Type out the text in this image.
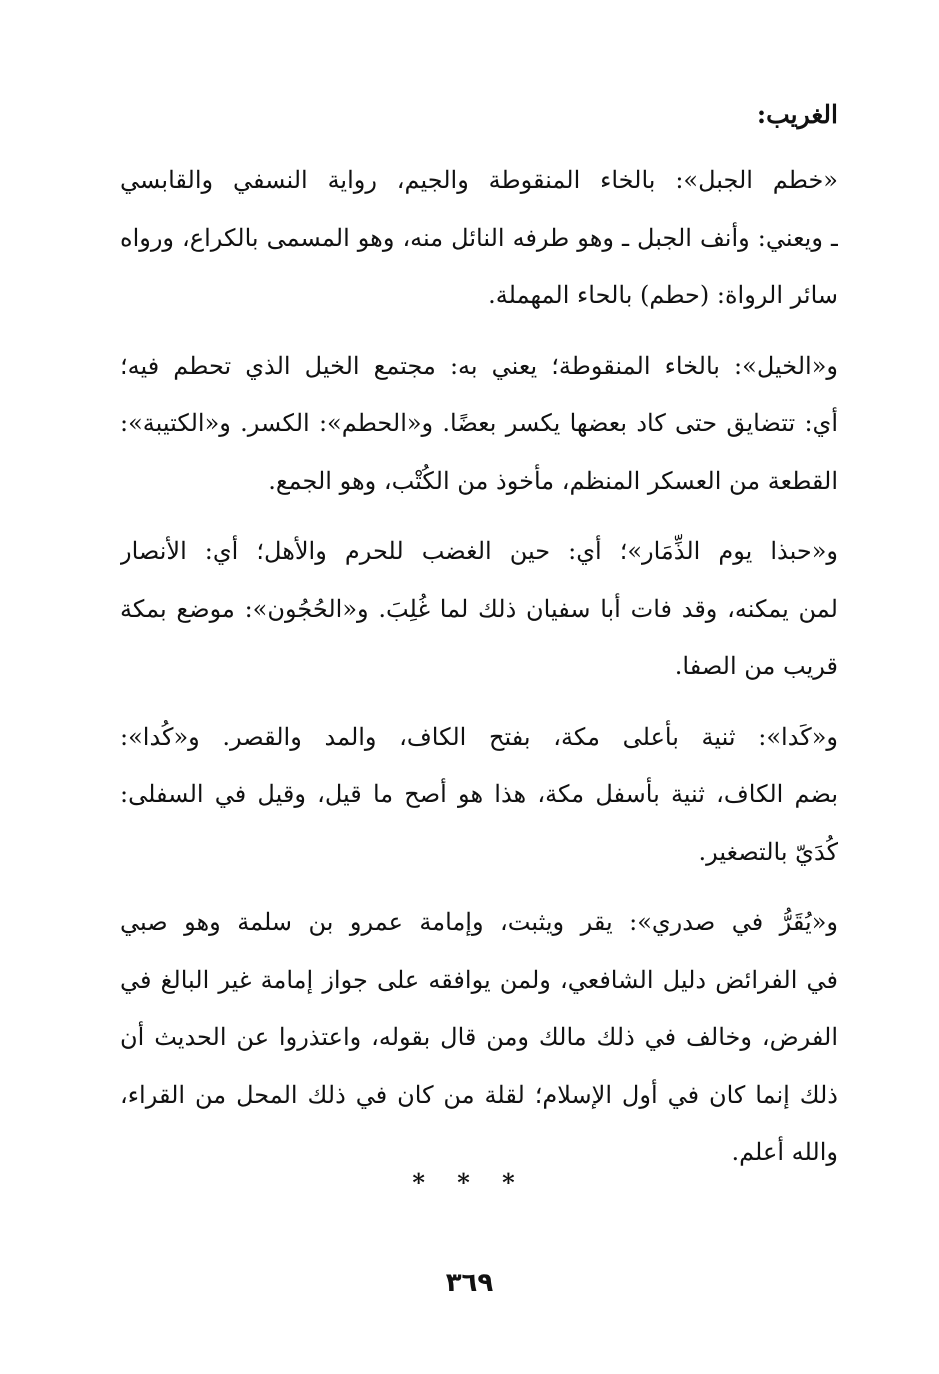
الغريب:
«خطم الجبل»: بالخاء المنقوطة والجيم، رواية النسفي والقابسي
ـ ويعني: وأنف الجبل ـ وهو طرفه النائل منه، وهو المسمى بالكراع، ورواه
سائر الرواة: (حطم) بالحاء المهملة.
و«الخيل»: بالخاء المنقوطة؛ يعني به: مجتمع الخيل الذي تحطم فيه؛
أي: تتضايق حتى كاد بعضها يكسر بعضًا. و«الحطم»: الكسر. و«الكتيبة»:
القطعة من العسكر المنظم، مأخوذ من الكُتْب، وهو الجمع.
و«حبذا يوم الذِّمَار»؛ أي: حين الغضب للحرم والأهل؛ أي: الأنصار
لمن يمكنه، وقد فات أبا سفيان ذلك لما غُلِبَ. و«الحُجُون»: موضع بمكة
قريب من الصفا.
و«كَدا»: ثنية بأعلى مكة، بفتح الكاف، والمد والقصر. و«كُدا»:
بضم الكاف، ثنية بأسفل مكة، هذا هو أصح ما قيل، وقيل في السفلى:
كُدَيّ بالتصغير.
و«يُقَرُّ في صدري»: يقر ويثبت، وإمامة عمرو بن سلمة وهو صبي
في الفرائض دليل الشافعي، ولمن يوافقه على جواز إمامة غير البالغ في
الفرض، وخالف في ذلك مالك ومن قال بقوله، واعتذروا عن الحديث أن
ذلك إنما كان في أول الإسلام؛ لقلة من كان في ذلك المحل من القراء،
والله أعلم.
* * *
٣٦٩
